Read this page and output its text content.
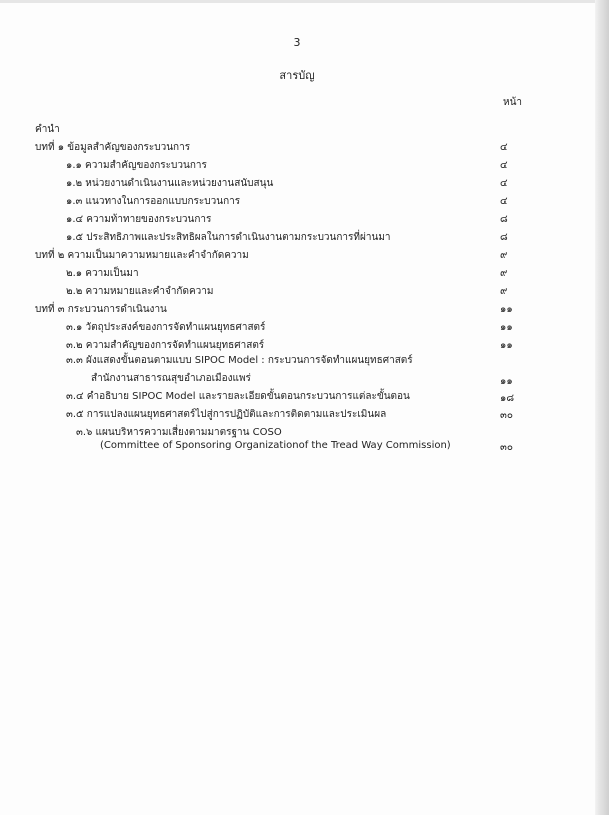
3
สารบัญ
หน้า
คำนำ
บทที่ ๑ ข้อมูลสำคัญของกระบวนการ	๔
๑.๑ ความสำคัญของกระบวนการ	๔
๑.๒ หน่วยงานดำเนินงานและหน่วยงานสนับสนุน	๔
๑.๓ แนวทางในการออกแบบกระบวนการ	๔
๑.๔ ความท้าทายของกระบวนการ	๘
๑.๕ ประสิทธิภาพและประสิทธิผลในการดำเนินงานตามกระบวนการที่ผ่านมา	๘
บทที่ ๒ ความเป็นมาความหมายและคำจำกัดความ	๙
๒.๑ ความเป็นมา	๙
๒.๒ ความหมายและคำจำกัดความ	๙
บทที่ ๓ กระบวนการดำเนินงาน	๑๑
๓.๑ วัตถุประสงค์ของการจัดทำแผนยุทธศาสตร์	๑๑
๓.๒ ความสำคัญของการจัดทำแผนยุทธศาสตร์	๑๑
๓.๓ ผังแสดงขั้นตอนตามแบบ SIPOC Model : กระบวนการจัดทำแผนยุทธศาสตร์
สำนักงานสาธารณสุขอำเภอเมืองแพร่	๑๑
๓.๔ คำอธิบาย SIPOC Model และรายละเอียดขั้นตอนกระบวนการแต่ละขั้นตอน	๑๘
๓.๕ การแปลงแผนยุทธศาสตร์ไปสู่การปฏิบัติและการติดตามและประเมินผล	๓๐
๓.๖ แผนบริหารความเสี่ยงตามมาตรฐาน COSO
(Committee of Sponsoring Organizationof the Tread Way Commission)	๓๐
